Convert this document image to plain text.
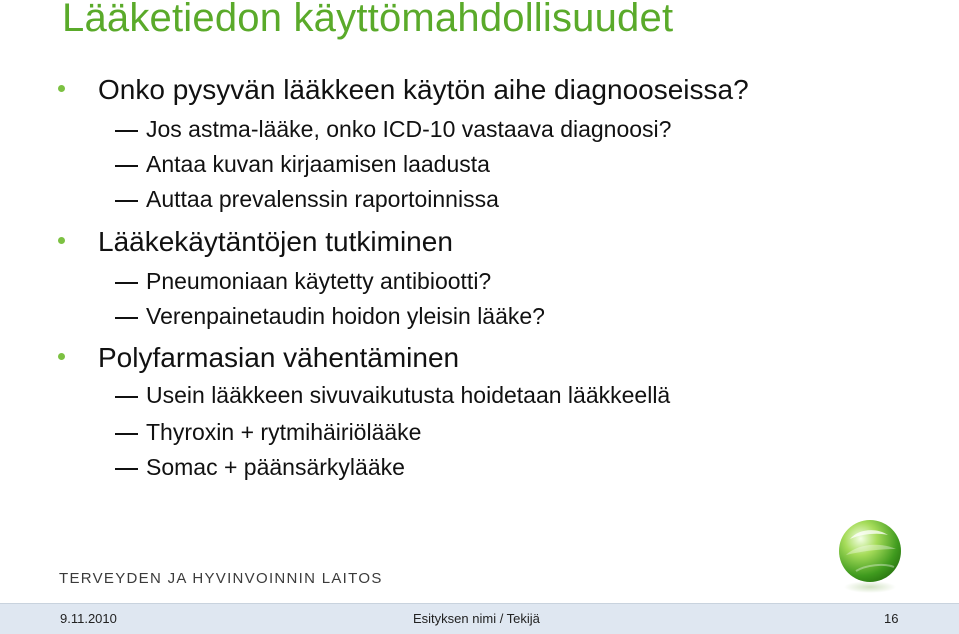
Lääketiedon käyttömahdollisuudet
Onko pysyvän lääkkeen käytön aihe diagnooseissa?
Jos astma-lääke, onko ICD-10 vastaava diagnoosi?
Antaa kuvan kirjaamisen laadusta
Auttaa prevalenssin raportoinnissa
Lääkekäytäntöjen tutkiminen
Pneumoniaan käytetty antibiootti?
Verenpainetaudin hoidon yleisin lääke?
Polyfarmasian vähentäminen
Usein lääkkeen sivuvaikutusta hoidetaan lääkkeellä
Thyroxin + rytmihäiriölääke
Somac + päänsärkylääke
TERVEYDEN JA HYVINVOINNIN LAITOS
9.11.2010	Esityksen nimi / Tekijä	16
